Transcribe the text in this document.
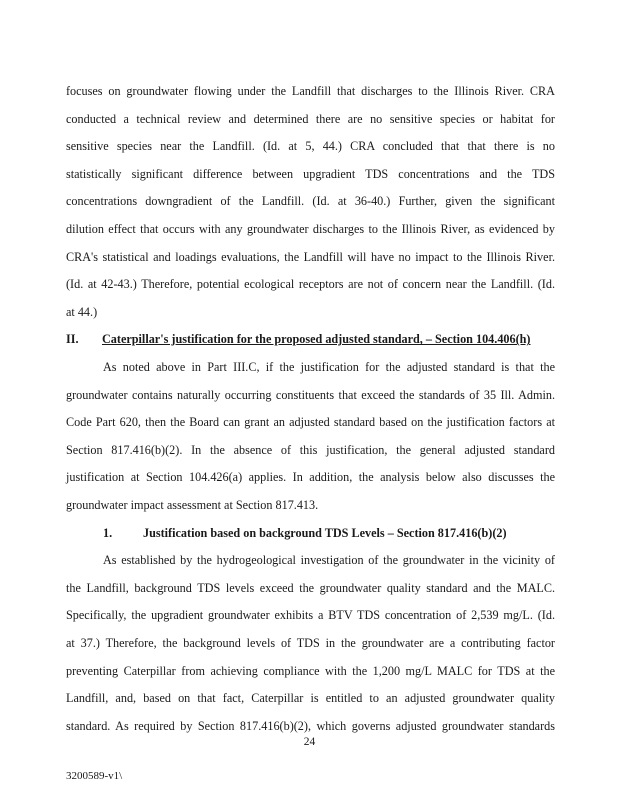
focuses on groundwater flowing under the Landfill that discharges to the Illinois River. CRA
conducted a technical review and determined there are no sensitive species or habitat for
sensitive species near the Landfill. (Id. at 5, 44.) CRA concluded that that there is no
statistically significant difference between upgradient TDS concentrations and the TDS
concentrations downgradient of the Landfill. (Id. at 36-40.) Further, given the significant
dilution effect that occurs with any groundwater discharges to the Illinois River, as evidenced by
CRA's statistical and loadings evaluations, the Landfill will have no impact to the Illinois River.
(Id. at 42-43.) Therefore, potential ecological receptors are not of concern near the Landfill. (Id.
at 44.)
II. Caterpillar's justification for the proposed adjusted standard, – Section 104.406(h)
As noted above in Part III.C, if the justification for the adjusted standard is that the
groundwater contains naturally occurring constituents that exceed the standards of 35 Ill. Admin.
Code Part 620, then the Board can grant an adjusted standard based on the justification factors at
Section 817.416(b)(2). In the absence of this justification, the general adjusted standard
justification at Section 104.426(a) applies. In addition, the analysis below also discusses the
groundwater impact assessment at Section 817.413.
1.	Justification based on background TDS Levels – Section 817.416(b)(2)
As established by the hydrogeological investigation of the groundwater in the vicinity of
the Landfill, background TDS levels exceed the groundwater quality standard and the MALC.
Specifically, the upgradient groundwater exhibits a BTV TDS concentration of 2,539 mg/L. (Id.
at 37.) Therefore, the background levels of TDS in the groundwater are a contributing factor
preventing Caterpillar from achieving compliance with the 1,200 mg/L MALC for TDS at the
Landfill, and, based on that fact, Caterpillar is entitled to an adjusted groundwater quality
standard. As required by Section 817.416(b)(2), which governs adjusted groundwater standards
24
3200589-v1\
